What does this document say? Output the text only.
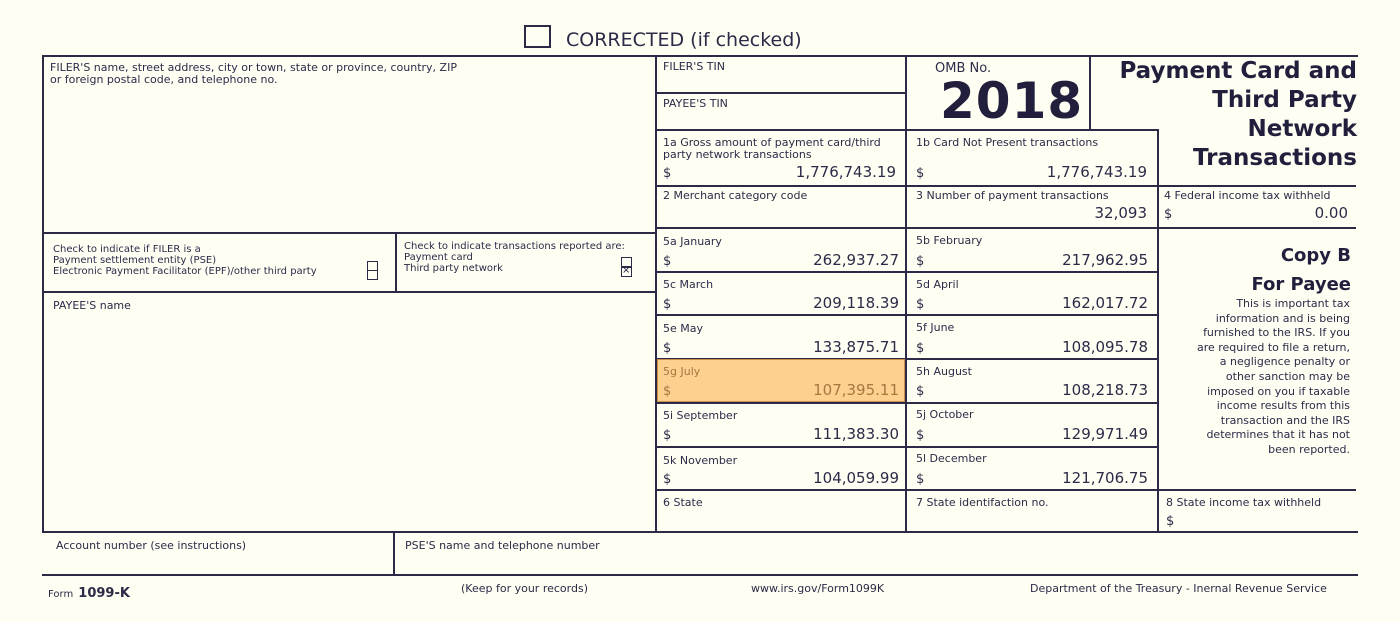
CORRECTED (if checked)
FILER'S name, street address, city or town, state or province, country, ZIP
or foreign postal code, and telephone no.
Check to indicate if FILER is a
Payment settlement entity (PSE)
Electronic Payment Facilitator (EPF)/other third party
Check to indicate transactions reported are:
Payment card
Third party network
×
PAYEE'S name
FILER'S TIN
PAYEE'S TIN
OMB No.
2018
Payment Card and
Third Party
Network
Transactions
1a Gross amount of payment card/third
party network transactions
$	1,776,743.19
1b Card Not Present transactions
$	1,776,743.19
2 Merchant category code	3 Number of payment transactions
32,093
4 Federal income tax withheld
$	0.00
5a January
$	262,937.27
5b February
$	217,962.95
5c March
$	209,118.39
5d April
$	162,017.72
5e May
$	133,875.71
5f June
$	108,095.78
5g July
$	107,395.11
5h August
$	108,218.73
5i September
$	111,383.30
5j October
$	129,971.49
5k November
$	104,059.99
5l December
$	121,706.75
Copy B
For Payee
This is important tax
information and is being
furnished to the IRS. If you
are required to file a return,
a negligence penalty or
other sanction may be
imposed on you if taxable
income results from this
transaction and the IRS
determines that it has not
been reported.
6 State	7 State identifaction no.	8 State income tax withheld
$
Account number (see instructions)	PSE'S name and telephone number
Form 1099-K	(Keep for your records)	www.irs.gov/Form1099K	Department of the Treasury - Inernal Revenue Service
